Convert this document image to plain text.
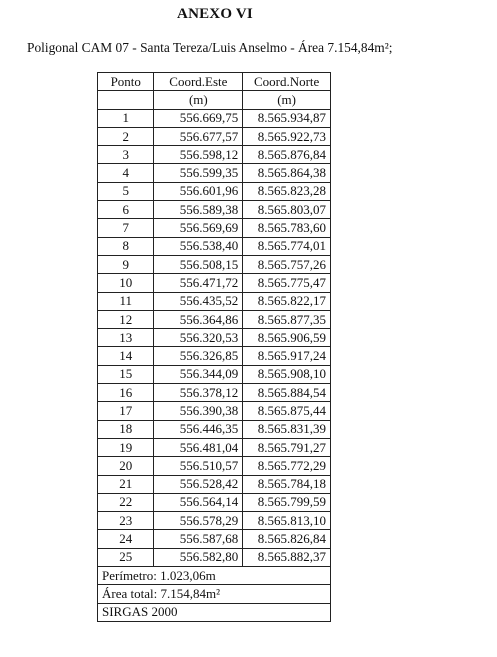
ANEXO VI
Poligonal CAM 07 - Santa Tereza/Luis Anselmo - Área 7.154,84m²;
Ponto	Coord.Este	Coord.Norte
	(m)	(m)
1	556.669,75	8.565.934,87
2	556.677,57	8.565.922,73
3	556.598,12	8.565.876,84
4	556.599,35	8.565.864,38
5	556.601,96	8.565.823,28
6	556.589,38	8.565.803,07
7	556.569,69	8.565.783,60
8	556.538,40	8.565.774,01
9	556.508,15	8.565.757,26
10	556.471,72	8.565.775,47
11	556.435,52	8.565.822,17
12	556.364,86	8.565.877,35
13	556.320,53	8.565.906,59
14	556.326,85	8.565.917,24
15	556.344,09	8.565.908,10
16	556.378,12	8.565.884,54
17	556.390,38	8.565.875,44
18	556.446,35	8.565.831,39
19	556.481,04	8.565.791,27
20	556.510,57	8.565.772,29
21	556.528,42	8.565.784,18
22	556.564,14	8.565.799,59
23	556.578,29	8.565.813,10
24	556.587,68	8.565.826,84
25	556.582,80	8.565.882,37
Perímetro: 1.023,06m		
Área total: 7.154,84m²		
SIRGAS 2000		
